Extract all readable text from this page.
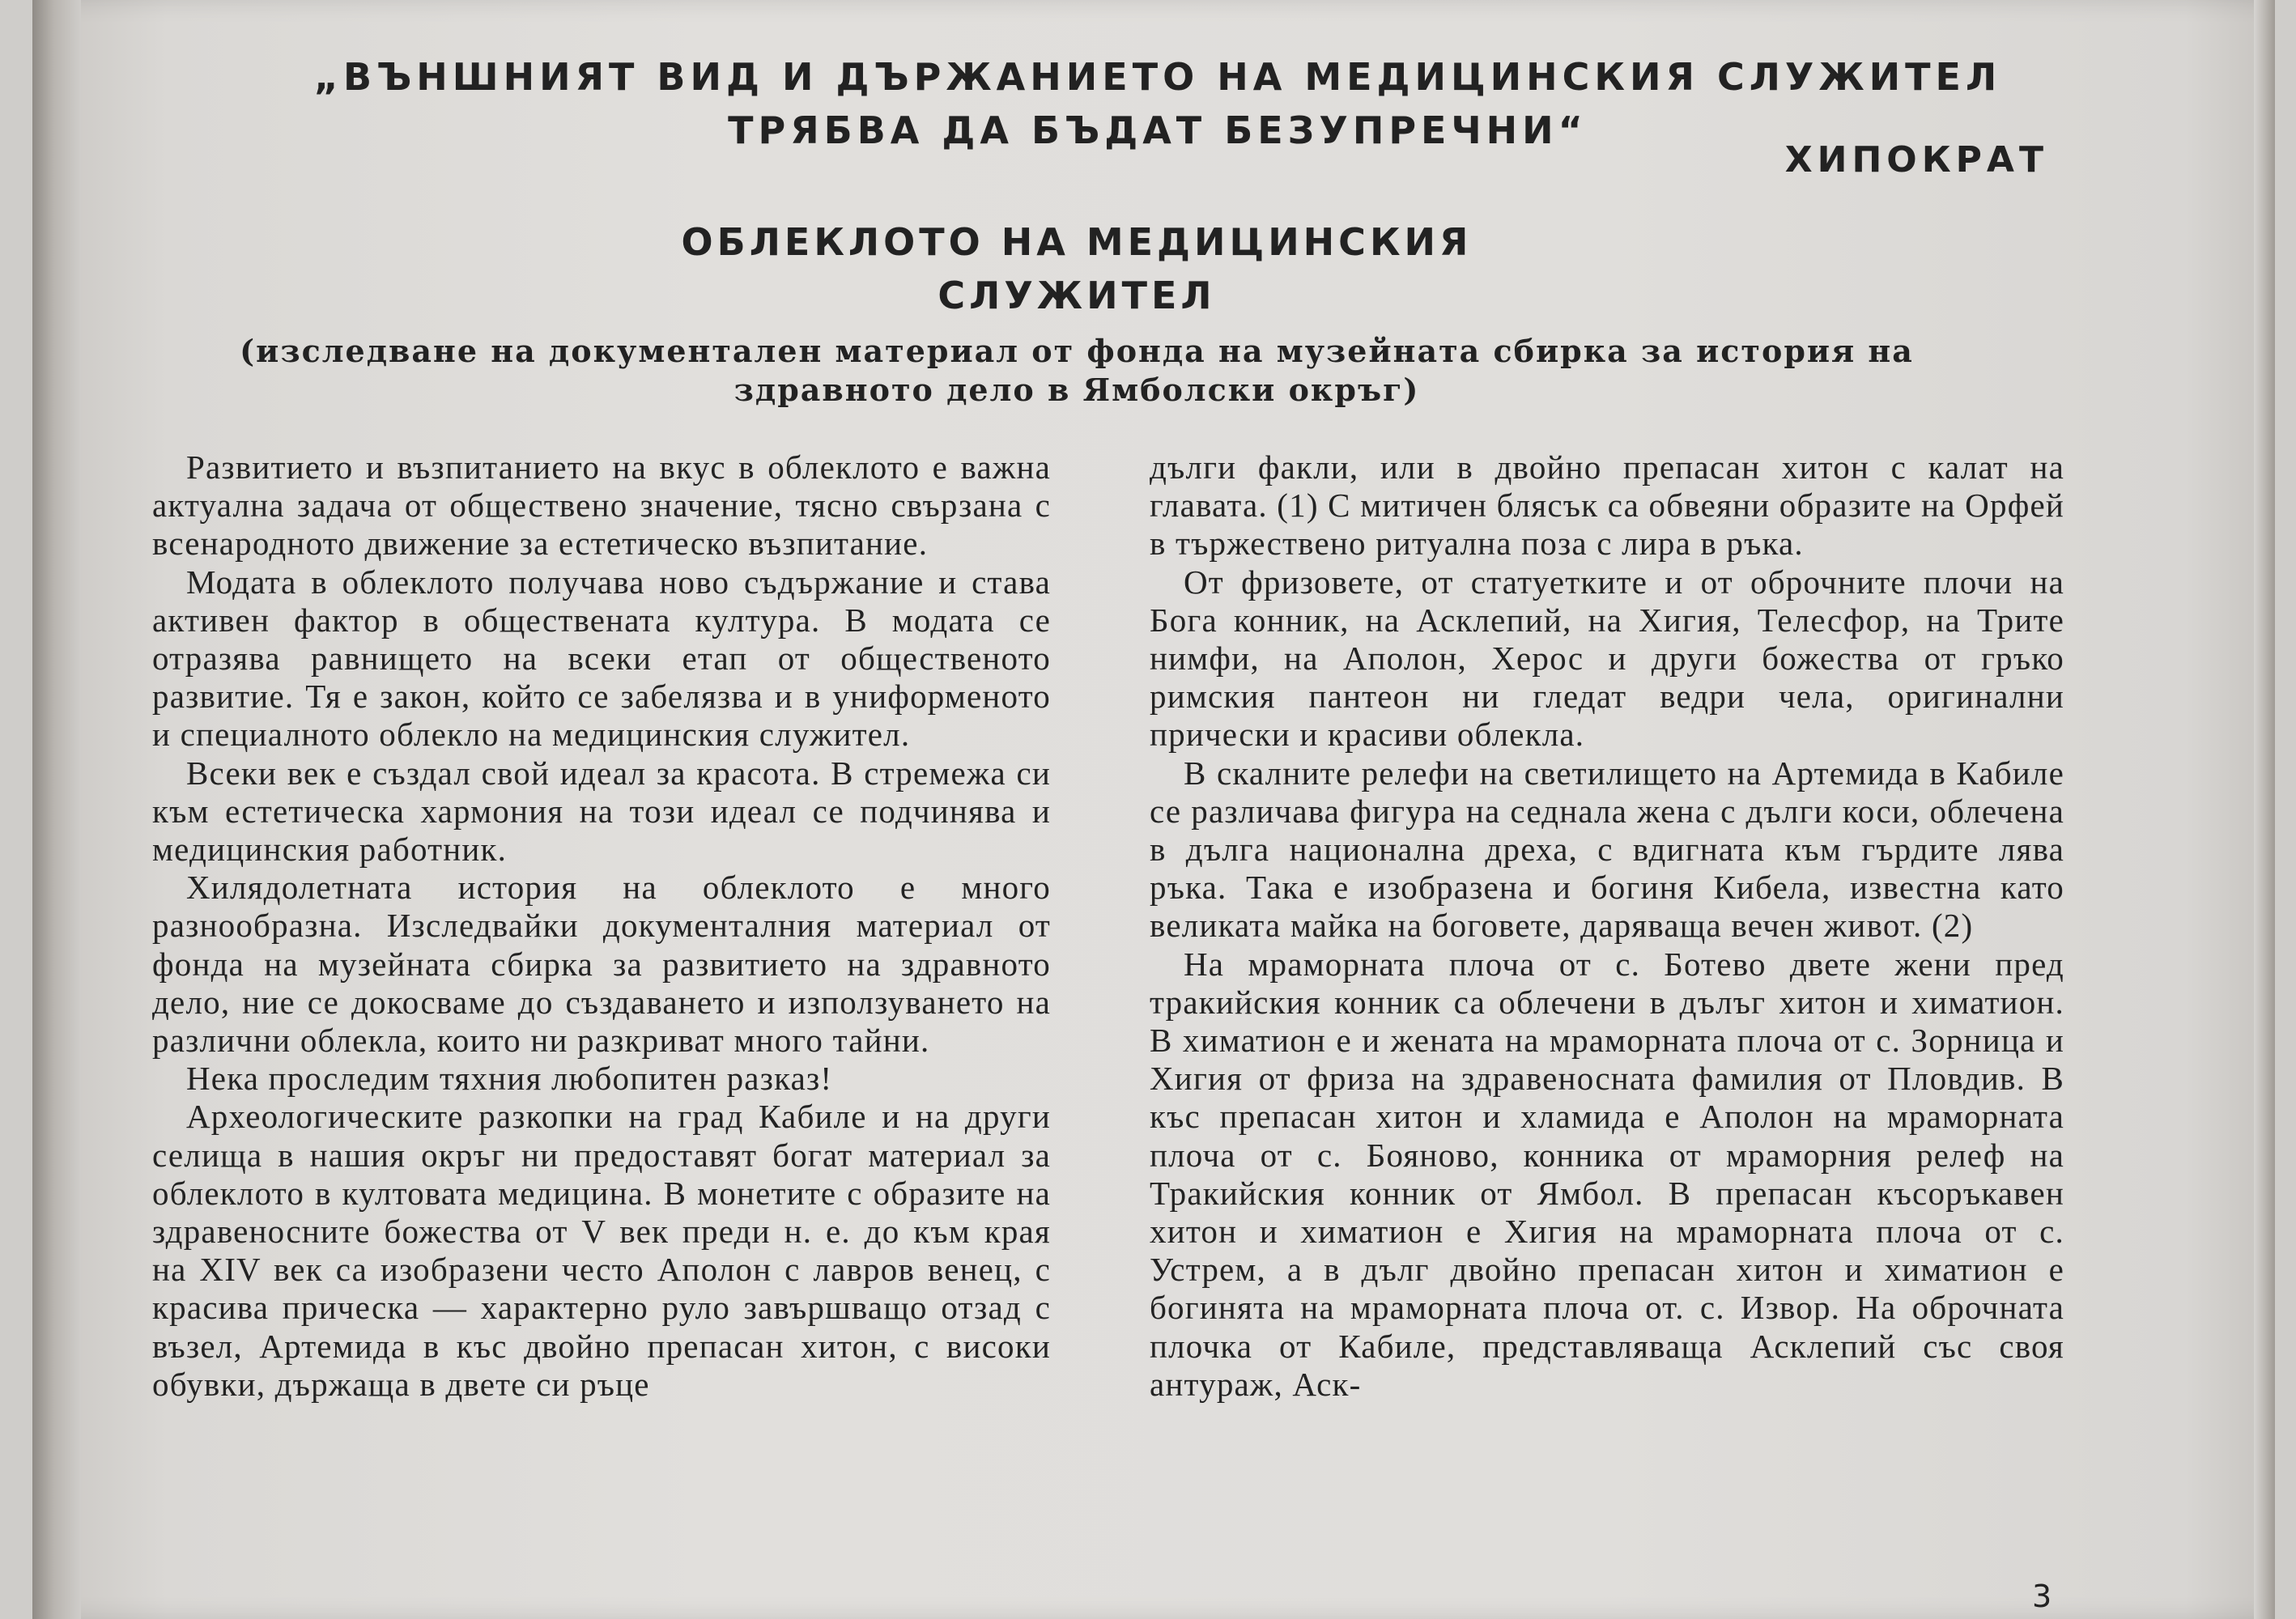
„ВЪНШНИЯТ ВИД И ДЪРЖАНИЕТО НА МЕДИЦИНСКИЯ СЛУЖИТЕЛ ТРЯБВА ДА БЪДАТ БЕЗУПРЕЧНИ“
ХИПОКРАТ
ОБЛЕКЛОТО НА МЕДИЦИНСКИЯ
СЛУЖИТЕЛ
(изследване на документален материал от фонда на музейната сбирка за история на здравното дело в Ямболски окръг)

Развитието и възпитанието на вкус в облеклото е важна актуална задача от обществено значение, тясно свързана с всенародното движение за естетическо възпитание.

Модата в облеклото получава ново съдържание и става активен фактор в обществената култура. В модата се отразява равнището на всеки етап от общественото развитие. Тя е закон, който се забелязва и в униформеното и специалното облекло на медицинския служител.

Всеки век е създал свой идеал за красота. В стремежа си към естетическа хармония на този идеал се подчинява и медицинския работник.

Хилядолетната история на облеклото е много разнообразна. Изследвайки документалния материал от фонда на музейната сбирка за развитието на здравното дело, ние се докосваме до създаването и използуването на различни облекла, които ни разкриват много тайни.

Нека проследим тяхния любопитен разказ!

Археологическите разкопки на град Кабиле и на други селища в нашия окръг ни предоставят богат материал за облеклото в култовата медицина. В монетите с образите на здравеносните божества от V век преди н. е. до към края на XIV век са изобразени често Аполон с лавров венец, с красива прическа — характерно руло завършващо отзад с възел, Артемида в къс двойно препасан хитон, с високи обувки, държаща в двете си ръце

дълги факли, или в двойно препасан хитон с калат на главата. (1) С митичен блясък са обвеяни образите на Орфей в тържествено ритуална поза с лира в ръка.

От фризовете, от статуетките и от оброчните плочи на Бога конник, на Асклепий, на Хигия, Телесфор, на Трите нимфи, на Аполон, Херос и други божества от гръко римския пантеон ни гледат ведри чела, оригинални прически и красиви облекла.

В скалните релефи на светилището на Артемида в Кабиле се различава фигура на седнала жена с дълги коси, облечена в дълга национална дреха, с вдигната към гърдите лява ръка. Така е изобразена и богиня Кибела, известна като великата майка на боговете, даряваща вечен живот. (2)

На мраморната плоча от с. Ботево двете жени пред тракийския конник са облечени в дълъг хитон и химатион. В химатион е и жената на мраморната плоча от с. Зорница и Хигия от фриза на здравеносната фамилия от Пловдив. В къс препасан хитон и хламида е Аполон на мраморната плоча от с. Бояново, конника от мраморния релеф на Тракийския конник от Ямбол. В препасан късоръкавен хитон и химатион е Хигия на мраморната плоча от с. Устрем, а в дълг двойно препасан хитон и химатион е богинята на мраморната плоча от. с. Извор. На оброчната плочка от Кабиле, представляваща Асклепий със своя антураж, Аск-

3
